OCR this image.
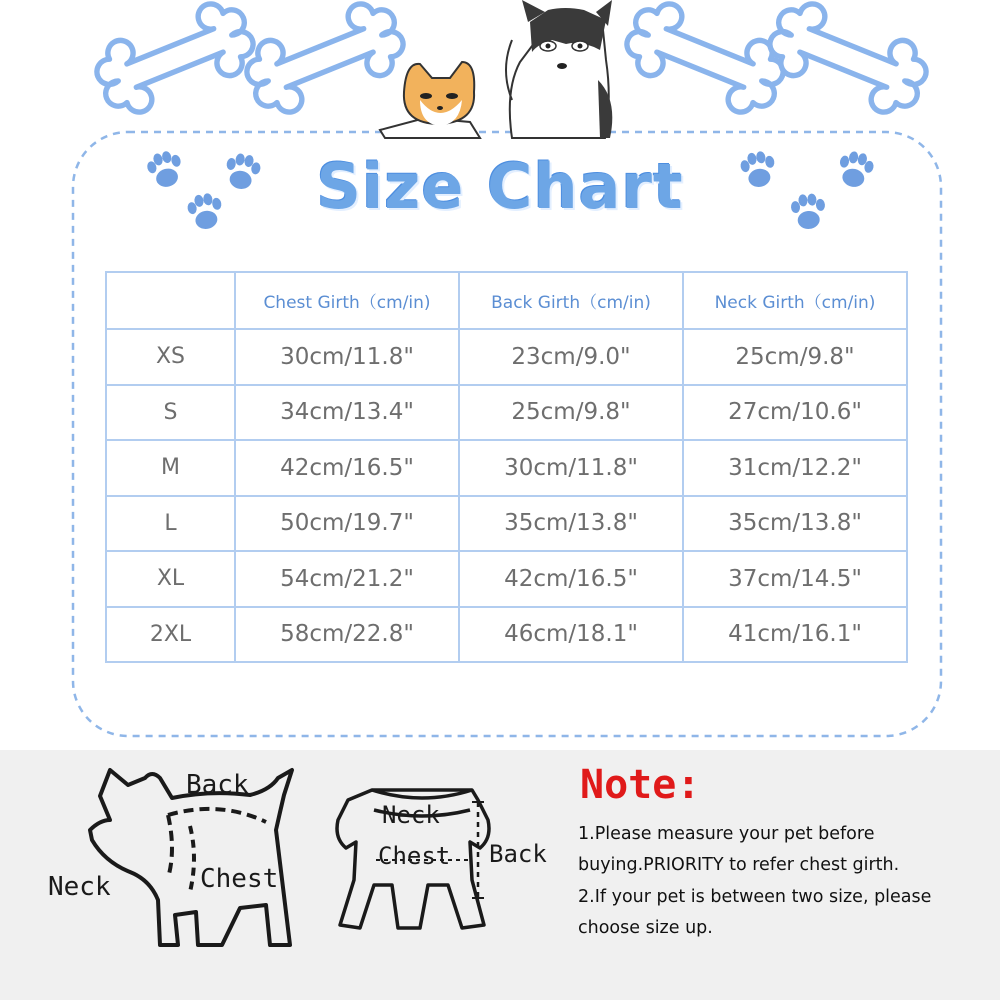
Size Chart
	Chest Girth（cm/in)	Back Girth（cm/in)	Neck Girth（cm/in)
XS	30cm/11.8"	23cm/9.0"	25cm/9.8"
S	34cm/13.4"	25cm/9.8"	27cm/10.6"
M	42cm/16.5"	30cm/11.8"	31cm/12.2"
L	50cm/19.7"	35cm/13.8"	35cm/13.8"
XL	54cm/21.2"	42cm/16.5"	37cm/14.5"
2XL	58cm/22.8"	46cm/18.1"	41cm/16.1"
Back
Chest
Neck
Neck
Chest Back
Note:
1.Please measure your pet before
buying.PRIORITY to refer chest girth.
2.If your pet is between two size, please
choose size up.
